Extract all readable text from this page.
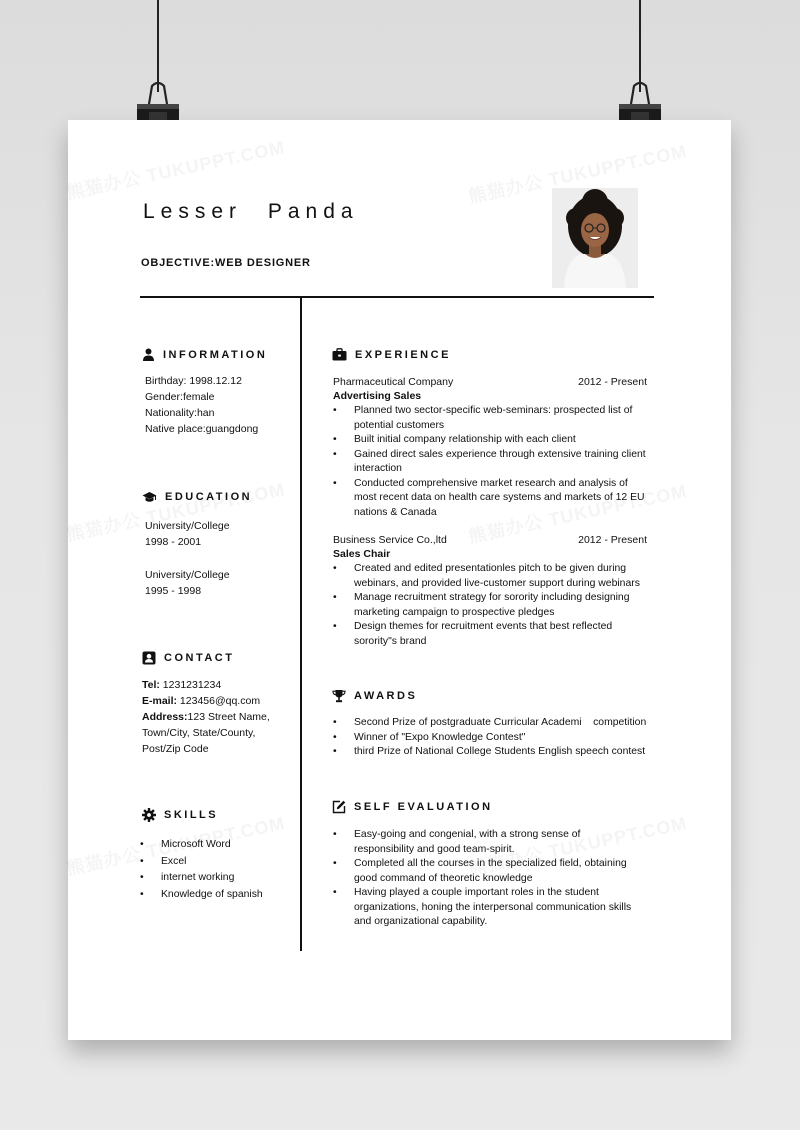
Lesser Panda
OBJECTIVE:WEB DESIGNER
INFORMATION
Birthday: 1998.12.12
Gender:female
Nationality:han
Native place:guangdong
EDUCATION
University/College
1998 - 2001
University/College
1995 - 1998
CONTACT
Tel: 1231231234
E-mail: 123456@qq.com
Address:123 Street Name,
Town/City, State/County,
Post/Zip Code
SKILLS
• Microsoft Word
• Excel
• internet working
• Knowledge of spanish
EXPERIENCE
Pharmaceutical Company	2012 - Present
Advertising Sales
• Planned two sector-specific web-seminars: prospected list of potential customers
• Built initial company relationship with each client
• Gained direct sales experience through extensive training client interaction
• Conducted comprehensive market research and analysis of most recent data on health care systems and markets of 12 EU nations & Canada
Business Service Co.,ltd	2012 - Present
Sales Chair
• Created and edited presentationles pitch to be given during webinars, and provided live-customer support during webinars
• Manage recruitment strategy for sorority including designing marketing campaign to prospective pledges
• Design themes for recruitment events that best reflected sorority"s brand
AWARDS
• Second Prize of postgraduate Curricular Academi    competition
• Winner of "Expo Knowledge Contest"
• third Prize of National College Students English speech contest
SELF EVALUATION
• Easy-going and congenial, with a strong sense of responsibility and good team-spirit.
• Completed all the courses in the specialized field, obtaining good command of theoretic knowledge
• Having played a couple important roles in the student organizations, honing the interpersonal communication skills and organizational capability.
